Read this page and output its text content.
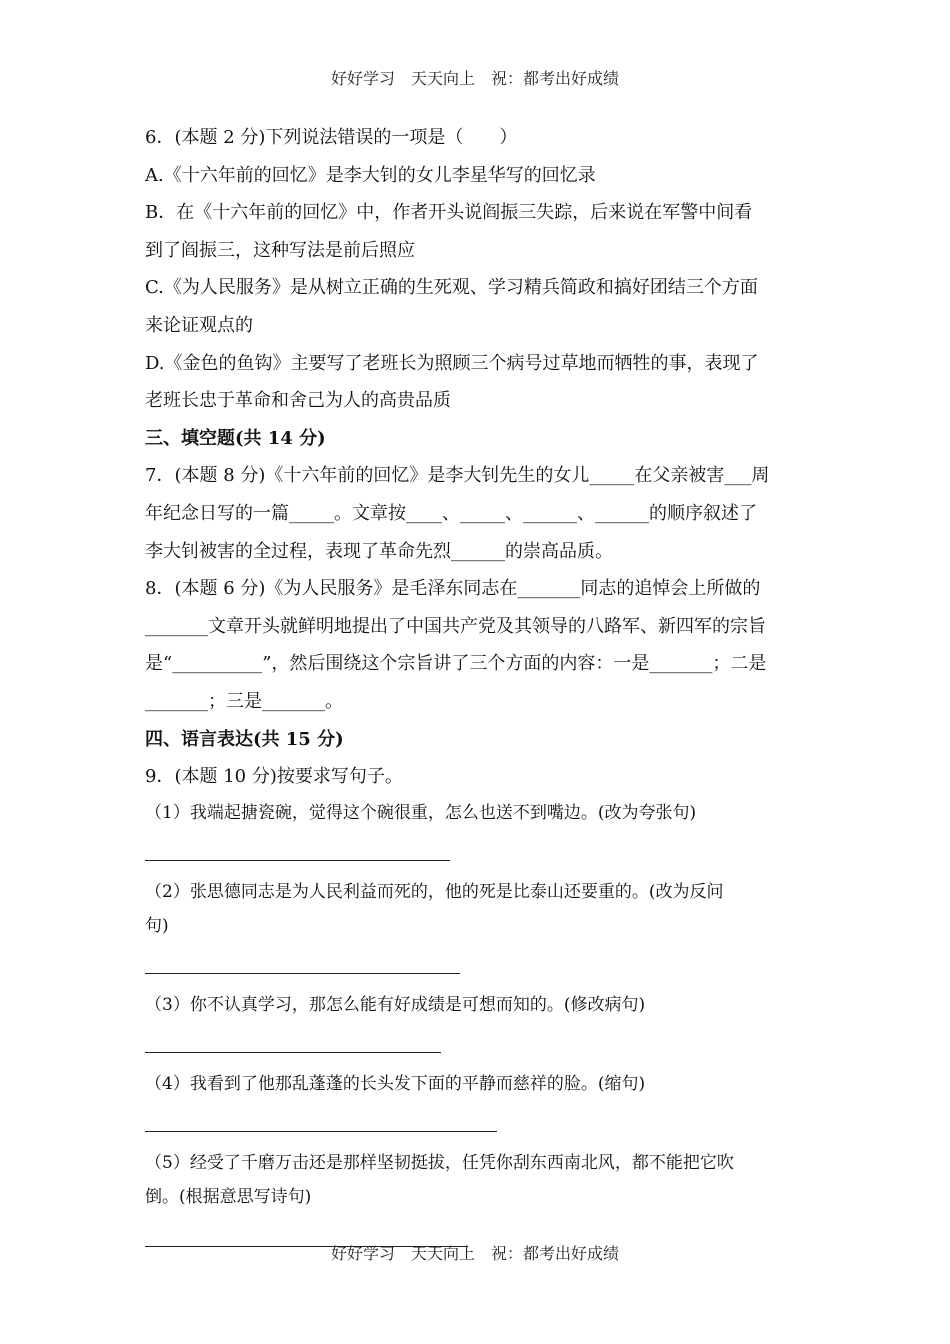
好好学习　天天向上　祝：都考出好成绩
6．(本题 2 分)下列说法错误的一项是（　　）
A.《十六年前的回忆》是李大钊的女儿李星华写的回忆录
B．在《十六年前的回忆》中，作者开头说阎振三失踪，后来说在军警中间看
到了阎振三，这种写法是前后照应
C.《为人民服务》是从树立正确的生死观、学习精兵简政和搞好团结三个方面
来论证观点的
D.《金色的鱼钩》主要写了老班长为照顾三个病号过草地而牺牲的事，表现了
老班长忠于革命和舍己为人的高贵品质
三、填空题(共 14 分)
7．(本题 8 分)《十六年前的回忆》是李大钊先生的女儿_____在父亲被害___周
年纪念日写的一篇_____。文章按____、_____、______、______的顺序叙述了
李大钊被害的全过程，表现了革命先烈______的崇高品质。
8．(本题 6 分)《为人民服务》是毛泽东同志在_______同志的追悼会上所做的
_______文章开头就鲜明地提出了中国共产党及其领导的八路军、新四军的宗旨
是“__________”，然后围绕这个宗旨讲了三个方面的内容：一是_______；二是
_______；三是_______。
四、语言表达(共 15 分)
9．(本题 10 分)按要求写句子。
（1）我端起搪瓷碗，觉得这个碗很重，怎么也送不到嘴边。(改为夸张句)
（2）张思德同志是为人民利益而死的，他的死是比泰山还要重的。(改为反问
句)
（3）你不认真学习，那怎么能有好成绩是可想而知的。(修改病句)
（4）我看到了他那乱蓬蓬的长头发下面的平静而慈祥的脸。(缩句)
（5）经受了千磨万击还是那样坚韧挺拔，任凭你刮东西南北风，都不能把它吹
倒。(根据意思写诗句)
好好学习　天天向上　祝：都考出好成绩
